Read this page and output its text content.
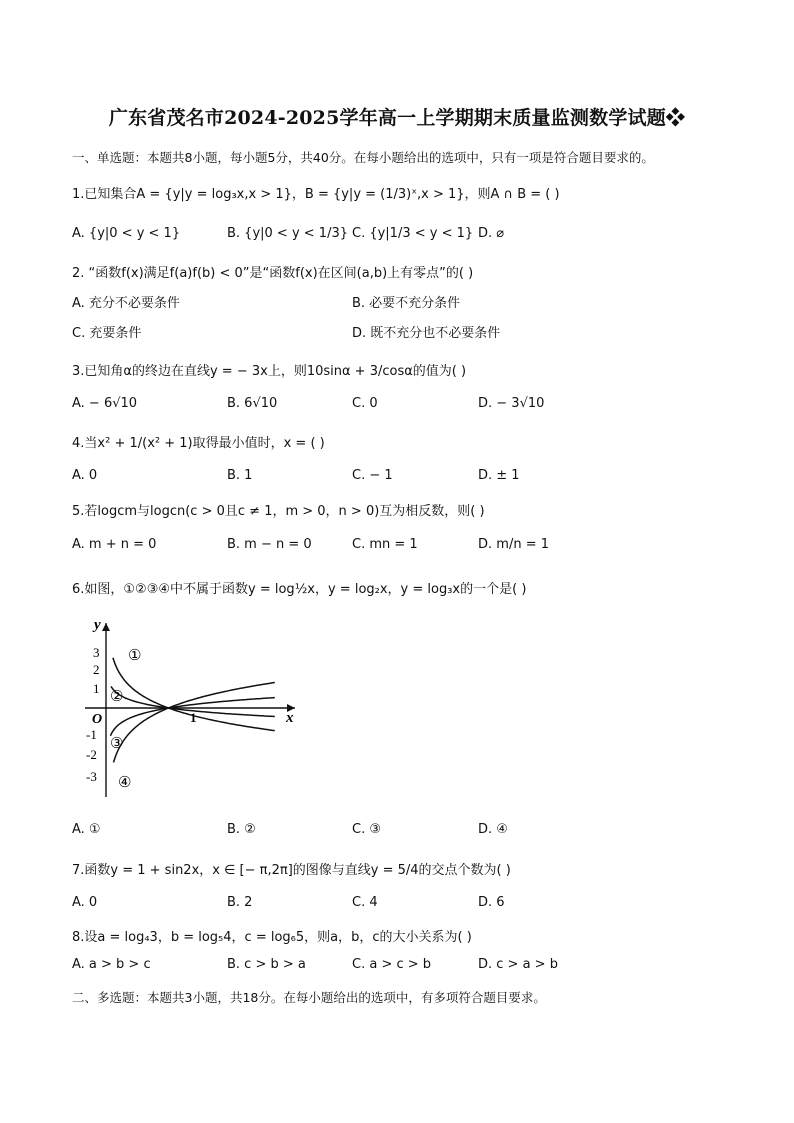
广东省茂名市2024-2025学年高一上学期期末质量监测数学试题❖
一、单选题：本题共8小题，每小题5分，共40分。在每小题给出的选项中，只有一项是符合题目要求的。
1.已知集合A = {y|y = log₃x,x > 1}，B = {y|y = (1/3)ˣ,x > 1}，则A ∩ B = ( )
A. {y|0 < y < 1}	B. {y|0 < y < 1/3} C. {y|1/3 < y < 1} D. ⌀
2. “函数f(x)满足f(a)f(b) < 0”是“函数f(x)在区间(a,b)上有零点”的( )
A. 充分不必要条件	B. 必要不充分条件
C. 充要条件	D. 既不充分也不必要条件
3.已知角α的终边在直线y = − 3x上，则10sinα + 3/cosα的值为( )
A. − 6√10	B. 6√10	C. 0	D. − 3√10
4.当x² + 1/(x² + 1)取得最小值时，x = ( )
A. 0	B. 1	C. − 1	D. ± 1
5.若logcm与logcn(c > 0且c ≠ 1，m > 0，n > 0)互为相反数，则( )
A. m + n = 0	B. m − n = 0	C. mn = 1	D. m/n = 1
6.如图，①②③④中不属于函数y = log½x，y = log₂x，y = log₃x的一个是( )
x
y
O	1
3
2
1
-1
-2
-3
①
②
③
④
A. ①	B. ②	C. ③	D. ④
7.函数y = 1 + sin2x，x ∈ [− π,2π]的图像与直线y = 5/4的交点个数为( )
A. 0	B. 2	C. 4	D. 6
8.设a = log₄3，b = log₅4，c = log₆5，则a，b，c的大小关系为( )
A. a > b > c	B. c > b > a	C. a > c > b	D. c > a > b
二、多选题：本题共3小题，共18分。在每小题给出的选项中，有多项符合题目要求。
